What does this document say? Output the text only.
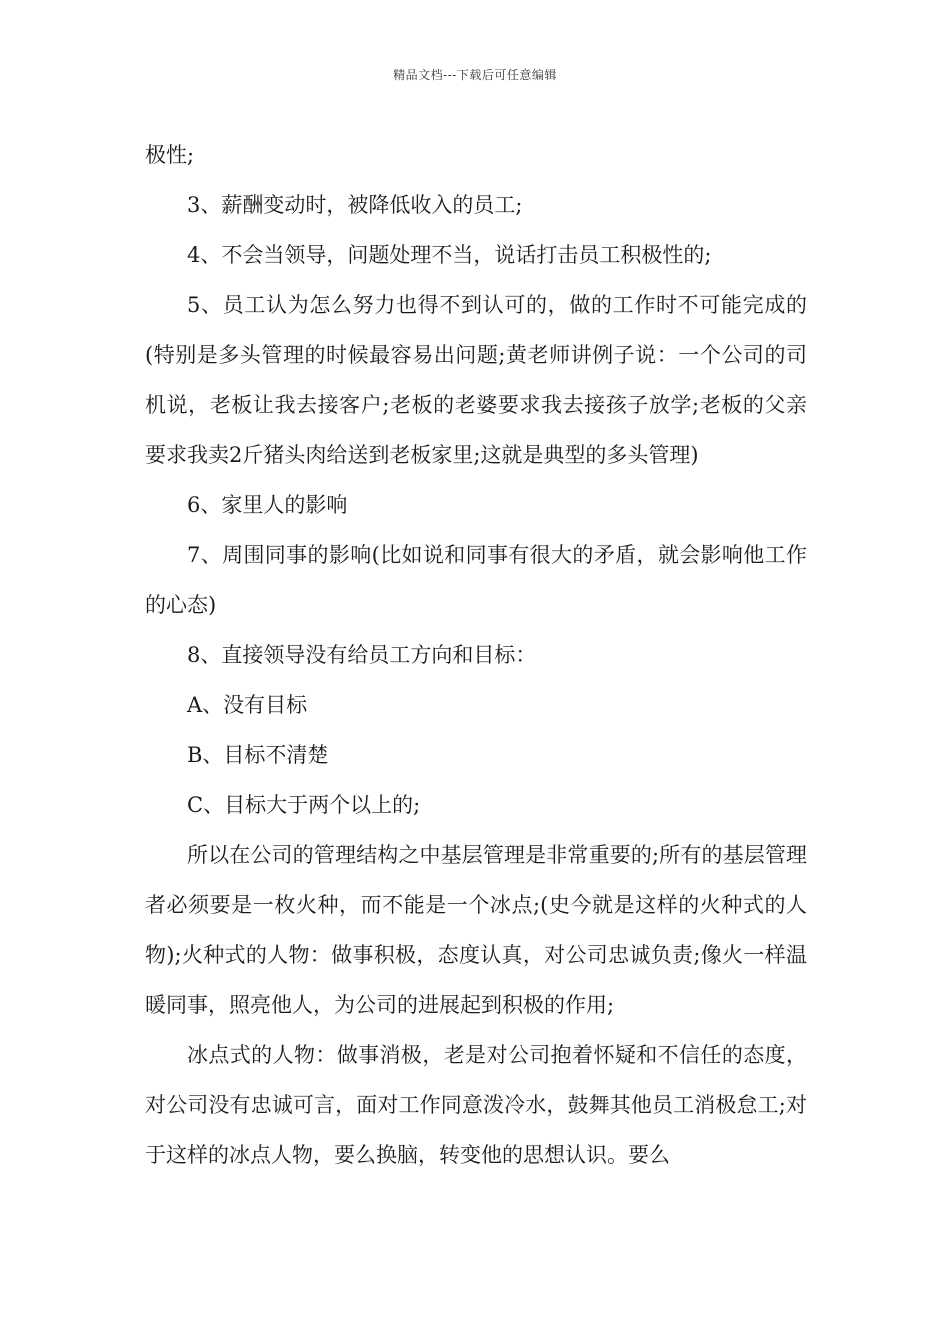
精品文档---下载后可任意编辑

极性;

3、薪酬变动时，被降低收入的员工;

4、不会当领导，问题处理不当，说话打击员工积极性的;

5、员工认为怎么努力也得不到认可的，做的工作时不可能完成的(特别是多头管理的时候最容易出问题;黄老师讲例子说：一个公司的司机说，老板让我去接客户;老板的老婆要求我去接孩子放学;老板的父亲要求我卖2斤猪头肉给送到老板家里;这就是典型的多头管理)

6、家里人的影响

7、周围同事的影响(比如说和同事有很大的矛盾，就会影响他工作的心态)

8、直接领导没有给员工方向和目标：

A、没有目标

B、目标不清楚

C、目标大于两个以上的;

所以在公司的管理结构之中基层管理是非常重要的;所有的基层管理者必须要是一枚火种，而不能是一个冰点;(史今就是这样的火种式的人物);火种式的人物：做事积极，态度认真，对公司忠诚负责;像火一样温暖同事，照亮他人，为公司的进展起到积极的作用;

冰点式的人物：做事消极，老是对公司抱着怀疑和不信任的态度，对公司没有忠诚可言，面对工作同意泼冷水，鼓舞其他员工消极怠工;对于这样的冰点人物，要么换脑，转变他的思想认识。要么
